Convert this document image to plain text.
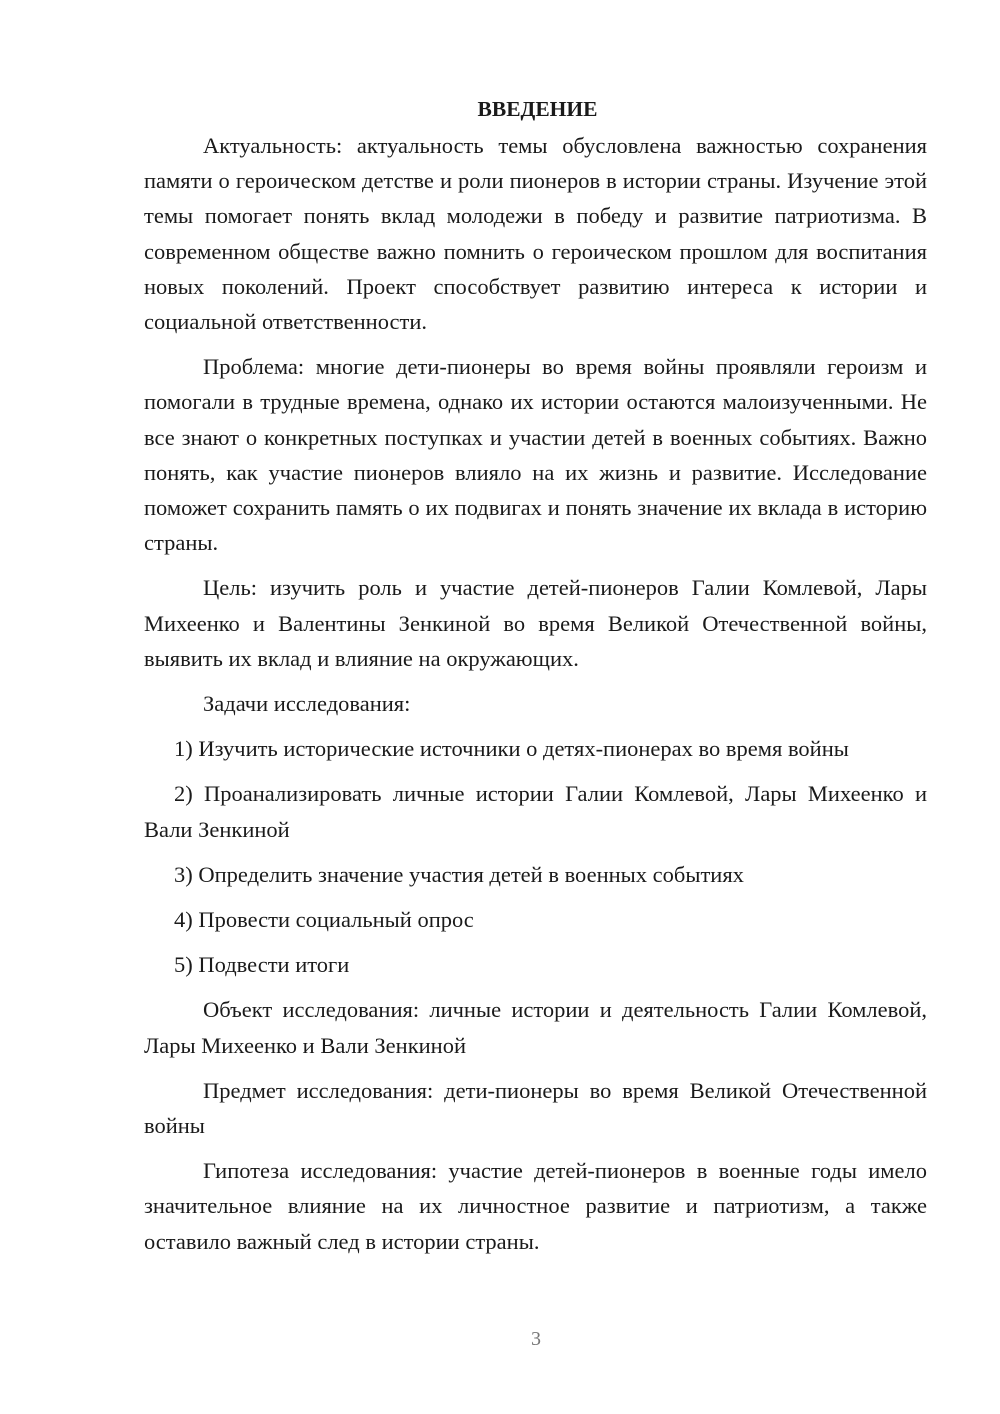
ВВЕДЕНИЕ

Актуальность: актуальность темы обусловлена важностью сохранения памяти о героическом детстве и роли пионеров в истории страны. Изучение этой темы помогает понять вклад молодежи в победу и развитие патриотизма. В современном обществе важно помнить о героическом прошлом для воспитания новых поколений. Проект способствует развитию интереса к истории и социальной ответственности.

Проблема: многие дети-пионеры во время войны проявляли героизм и помогали в трудные времена, однако их истории остаются малоизученными. Не все знают о конкретных поступках и участии детей в военных событиях. Важно понять, как участие пионеров влияло на их жизнь и развитие. Исследование поможет сохранить память о их подвигах и понять значение их вклада в историю страны.

Цель: изучить роль и участие детей-пионеров Галии Комлевой, Лары Михеенко и Валентины Зенкиной во время Великой Отечественной войны, выявить их вклад и влияние на окружающих.

Задачи исследования:

1) Изучить исторические источники о детях-пионерах во время войны

2) Проанализировать личные истории Галии Комлевой, Лары Михеенко и Вали Зенкиной

3) Определить значение участия детей в военных событиях

4) Провести социальный опрос

5) Подвести итоги

Объект исследования: личные истории и деятельность Галии Комлевой, Лары Михеенко и Вали Зенкиной

Предмет исследования: дети-пионеры во время Великой Отечественной войны

Гипотеза исследования: участие детей-пионеров в военные годы имело значительное влияние на их личностное развитие и патриотизм, а также оставило важный след в истории страны.

3
